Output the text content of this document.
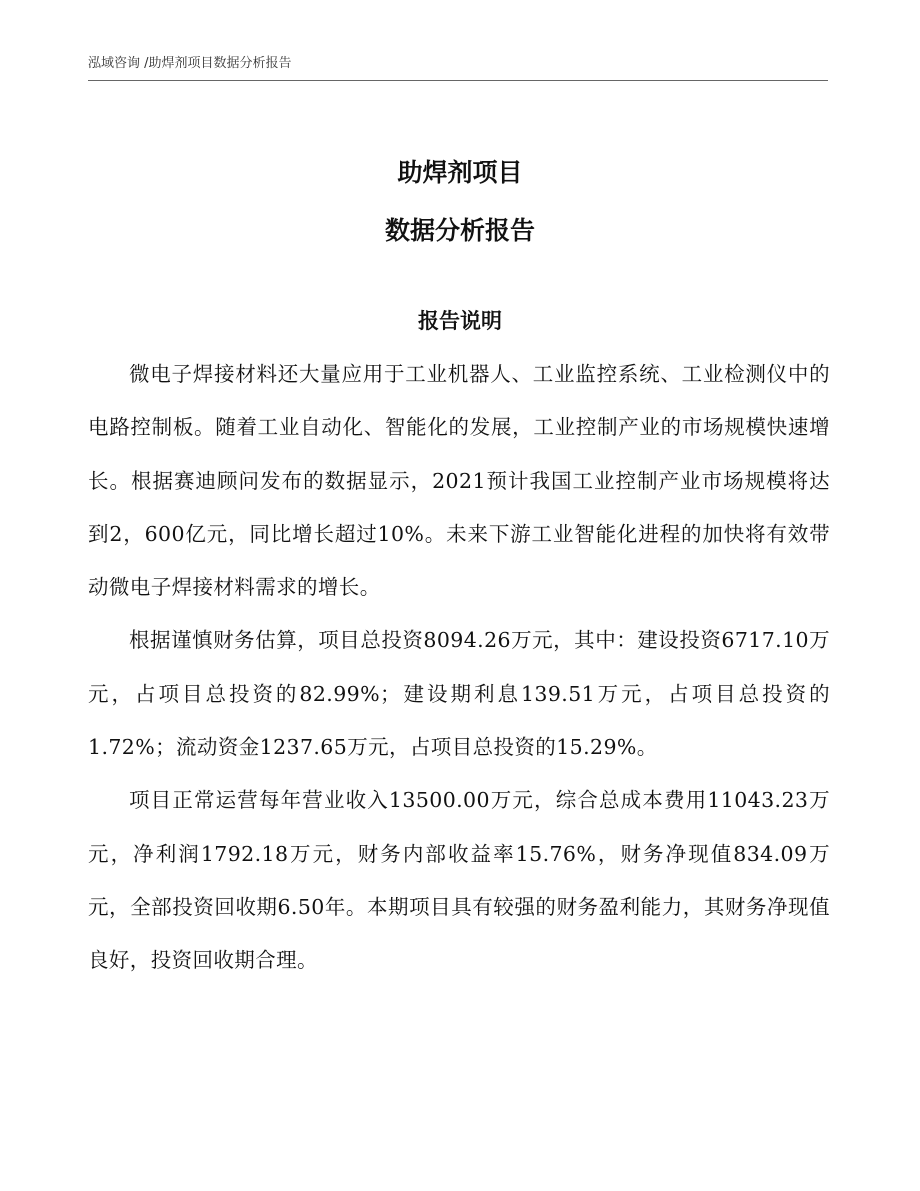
泓域咨询 /助焊剂项目数据分析报告
助焊剂项目
数据分析报告
报告说明

微电子焊接材料还大量应用于工业机器人、工业监控系统、工业检测仪中的电路控制板。随着工业自动化、智能化的发展，工业控制产业的市场规模快速增长。根据赛迪顾问发布的数据显示，2021预计我国工业控制产业市场规模将达到2，600亿元，同比增长超过10%。未来下游工业智能化进程的加快将有效带动微电子焊接材料需求的增长。

根据谨慎财务估算，项目总投资8094.26万元，其中：建设投资6717.10万元，占项目总投资的82.99%；建设期利息139.51万元，占项目总投资的1.72%；流动资金1237.65万元，占项目总投资的15.29%。

项目正常运营每年营业收入13500.00万元，综合总成本费用11043.23万元，净利润1792.18万元，财务内部收益率15.76%，财务净现值834.09万元，全部投资回收期6.50年。本期项目具有较强的财务盈利能力，其财务净现值良好，投资回收期合理。
